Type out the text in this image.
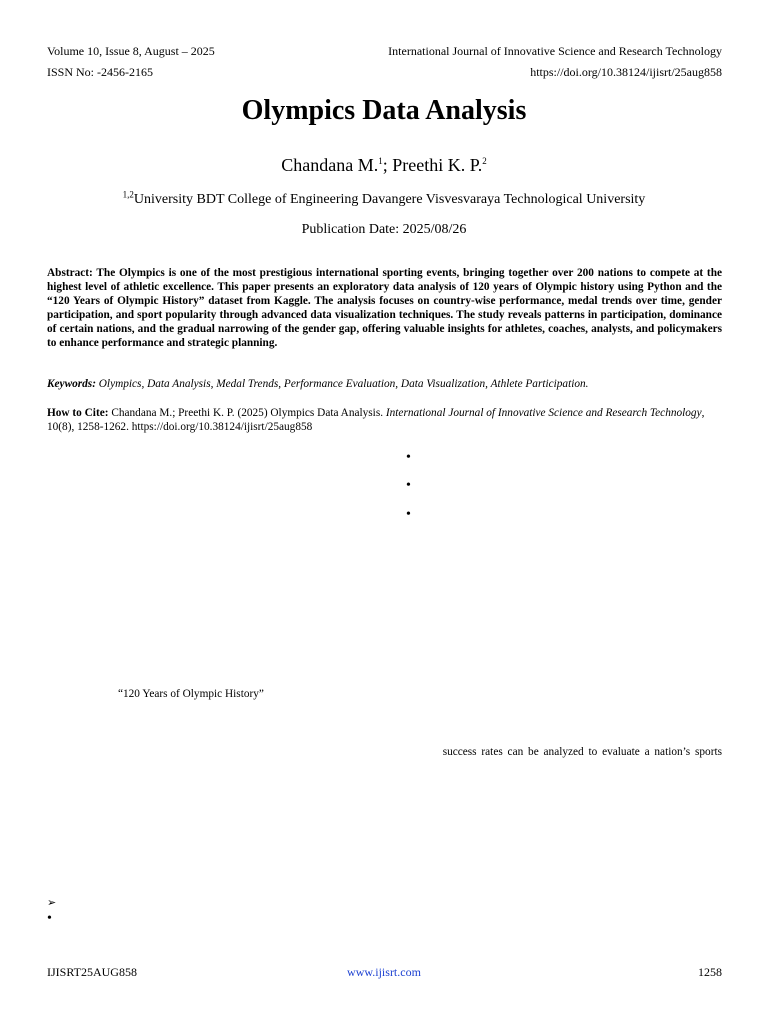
Volume 10, Issue 8, August – 2025	International Journal of Innovative Science and Research Technology
ISSN No: -2456-2165	https://doi.org/10.38124/ijisrt/25aug858
Olympics Data Analysis
Chandana M.$^1$; Preethi K. P.$^2$
$^{1,2}$University BDT College of Engineering Davangere Visvesvaraya Technological University
Publication Date: 2025/08/26
Abstract: The Olympics is one of the most prestigious international sporting events, bringing together over 200 nations to compete at the highest level of athletic excellence. This paper presents an exploratory data analysis of 120 years of Olympic history using Python and the “120 Years of Olympic History” dataset from Kaggle. The analysis focuses on country-wise performance, medal trends over time, gender participation, and sport popularity through advanced data visualization techniques. The study reveals patterns in participation, dominance of certain nations, and the gradual narrowing of the gender gap, offering valuable insights for athletes, coaches, analysts, and policymakers to enhance performance and strategic planning.
Keywords: Olympics, Data Analysis, Medal Trends, Performance Evaluation, Data Visualization, Athlete Participation.
How to Cite: Chandana M.; Preethi K. P. (2025) Olympics Data Analysis. International Journal of Innovative Science and Research Technology, 10(8), 1258-1262. https://doi.org/10.38124/ijisrt/25aug858
•
•
•
“120 Years of Olympic History”
success rates can be analyzed to evaluate a nation’s sports
➢
•
IJISRT25AUG858	www.ijisrt.com	1258
